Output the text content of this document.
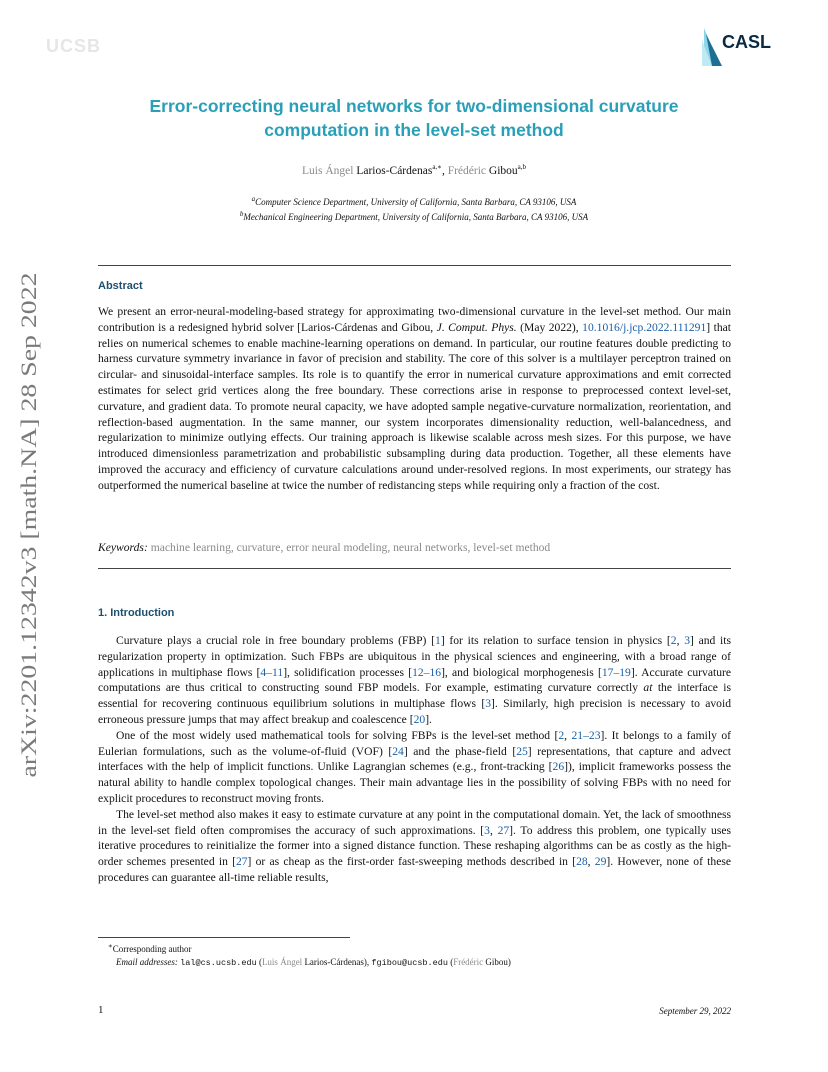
UCSB	CASL
Error-correcting neural networks for two-dimensional curvature computation in the level-set method
Luis Ángel Larios-Cárdenas$^{a,∗}$, Frédéric Gibou$^{a,b}$
$^a$Computer Science Department, University of California, Santa Barbara, CA 93106, USA
$^b$Mechanical Engineering Department, University of California, Santa Barbara, CA 93106, USA
arXiv:2201.12342v3 [math.NA] 28 Sep 2022
Abstract

We present an error-neural-modeling-based strategy for approximating two-dimensional curvature in the level-set method. Our main contribution is a redesigned hybrid solver [Larios-Cárdenas and Gibou, J. Comput. Phys. (May 2022), 10.1016/j.jcp.2022.111291] that relies on numerical schemes to enable machine-learning operations on demand. In particular, our routine features double predicting to harness curvature symmetry invariance in favor of precision and stability. The core of this solver is a multilayer perceptron trained on circular- and sinusoidal-interface samples. Its role is to quantify the error in numerical curvature approximations and emit corrected estimates for select grid vertices along the free boundary. These corrections arise in response to preprocessed context level-set, curvature, and gradient data. To promote neural capacity, we have adopted sample negative-curvature normalization, reorientation, and reflection-based augmentation. In the same manner, our system incorporates dimensionality reduction, well-balancedness, and regularization to minimize outlying effects. Our training approach is likewise scalable across mesh sizes. For this purpose, we have introduced dimensionless parametrization and probabilistic subsampling during data production. Together, all these elements have improved the accuracy and efficiency of curvature calculations around under-resolved regions. In most experiments, our strategy has outperformed the numerical baseline at twice the number of redistancing steps while requiring only a fraction of the cost.

Keywords: machine learning, curvature, error neural modeling, neural networks, level-set method
1. Introduction

Curvature plays a crucial role in free boundary problems (FBP) [1] for its relation to surface tension in physics [2, 3] and its regularization property in optimization. Such FBPs are ubiquitous in the physical sciences and engineering, with a broad range of applications in multiphase flows [4–11], solidification processes [12–16], and biological morphogenesis [17–19]. Accurate curvature computations are thus critical to constructing sound FBP models. For example, estimating curvature correctly at the interface is essential for recovering continuous equilibrium solutions in multiphase flows [3]. Similarly, high precision is necessary to avoid erroneous pressure jumps that may affect breakup and coalescence [20].

One of the most widely used mathematical tools for solving FBPs is the level-set method [2, 21–23]. It belongs to a family of Eulerian formulations, such as the volume-of-fluid (VOF) [24] and the phase-field [25] representations, that capture and advect interfaces with the help of implicit functions. Unlike Lagrangian schemes (e.g., front-tracking [26]), implicit frameworks possess the natural ability to handle complex topological changes. Their main advantage lies in the possibility of solving FBPs with no need for explicit procedures to reconstruct moving fronts.

The level-set method also makes it easy to estimate curvature at any point in the computational domain. Yet, the lack of smoothness in the level-set field often compromises the accuracy of such approximations. [3, 27]. To address this problem, one typically uses iterative procedures to reinitialize the former into a signed distance function. These reshaping algorithms can be as costly as the high-order schemes presented in [27] or as cheap as the first-order fast-sweeping methods described in [28, 29]. However, none of these procedures can guarantee all-time reliable results,

∗Corresponding author
Email addresses: lal@cs.ucsb.edu (Luis Ángel Larios-Cárdenas), fgibou@ucsb.edu (Frédéric Gibou)
1	September 29, 2022
